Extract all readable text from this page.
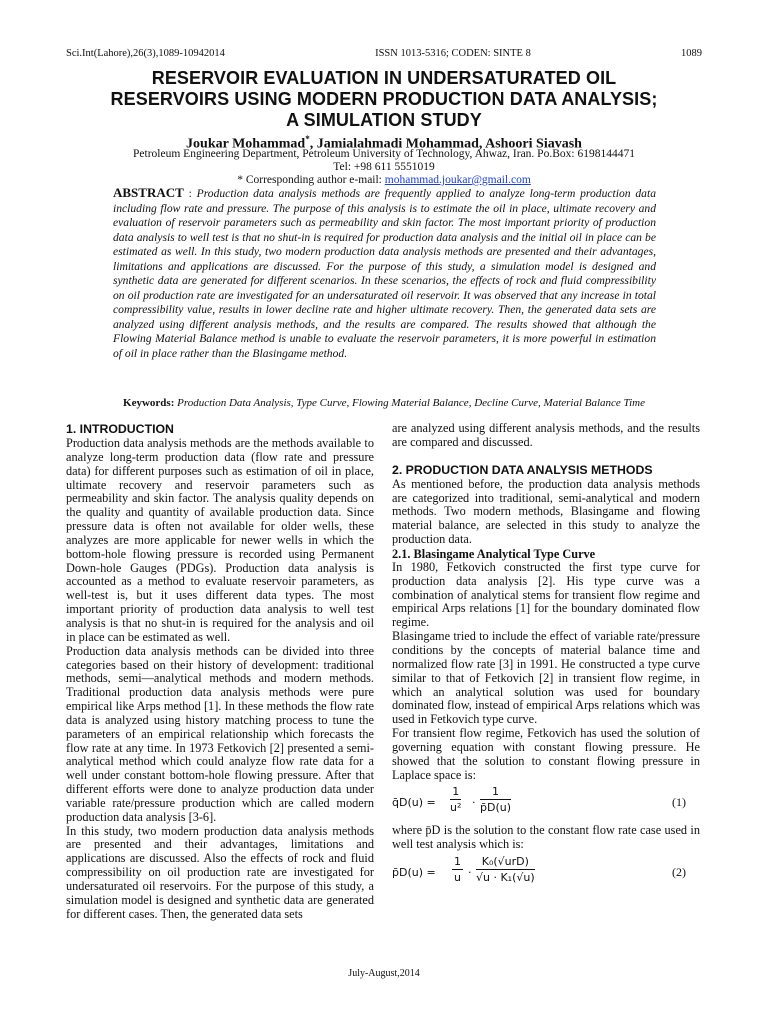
Sci.Int(Lahore),26(3),1089-10942014	ISSN 1013-5316; CODEN: SINTE 8	1089
RESERVOIR EVALUATION IN UNDERSATURATED OIL
RESERVOIRS USING MODERN PRODUCTION DATA ANALYSIS;
A SIMULATION STUDY
Joukar Mohammad*, Jamialahmadi Mohammad, Ashoori Siavash
Petroleum Engineering Department, Petroleum University of Technology, Ahwaz, Iran. Po.Box: 6198144471
Tel: +98 611 5551019
* Corresponding author e-mail: mohammad.joukar@gmail.com
ABSTRACT : Production data analysis methods are frequently applied to analyze long-term production data including flow rate and pressure. The purpose of this analysis is to estimate the oil in place, ultimate recovery and evaluation of reservoir parameters such as permeability and skin factor. The most important priority of production data analysis to well test is that no shut-in is required for production data analysis and the initial oil in place can be estimated as well. In this study, two modern production data analysis methods are presented and their advantages, limitations and applications are discussed. For the purpose of this study, a simulation model is designed and synthetic data are generated for different scenarios. In these scenarios, the effects of rock and fluid compressibility on oil production rate are investigated for an undersaturated oil reservoir. It was observed that any increase in total compressibility value, results in lower decline rate and higher ultimate recovery. Then, the generated data sets are analyzed using different analysis methods, and the results are compared. The results showed that although the Flowing Material Balance method is unable to evaluate the reservoir parameters, it is more powerful in estimation of oil in place rather than the Blasingame method.
Keywords: Production Data Analysis, Type Curve, Flowing Material Balance, Decline Curve, Material Balance Time

1. INTRODUCTION

Production data analysis methods are the methods available to analyze long-term production data (flow rate and pressure data) for different purposes such as estimation of oil in place, ultimate recovery and reservoir parameters such as permeability and skin factor. The analysis quality depends on the quality and quantity of available production data. Since pressure data is often not available for older wells, these analyzes are more applicable for newer wells in which the bottom-hole flowing pressure is recorded using Permanent Down-hole Gauges (PDGs). Production data analysis is accounted as a method to evaluate reservoir parameters, as well-test is, but it uses different data types. The most important priority of production data analysis to well test analysis is that no shut-in is required for the analysis and oil in place can be estimated as well.

Production data analysis methods can be divided into three categories based on their history of development: traditional methods, semi—analytical methods and modern methods. Traditional production data analysis methods were pure empirical like Arps method [1]. In these methods the flow rate data is analyzed using history matching process to tune the parameters of an empirical relationship which forecasts the flow rate at any time. In 1973 Fetkovich [2] presented a semi-analytical method which could analyze flow rate data for a well under constant bottom-hole flowing pressure. After that different efforts were done to analyze production data under variable rate/pressure production which are called modern production data analysis [3-6].

In this study, two modern production data analysis methods are presented and their advantages, limitations and applications are discussed. Also the effects of rock and fluid compressibility on oil production rate are investigated for undersaturated oil reservoirs. For the purpose of this study, a simulation model is designed and synthetic data are generated for different cases. Then, the generated data sets

are analyzed using different analysis methods, and the results are compared and discussed.

2. PRODUCTION DATA ANALYSIS METHODS

As mentioned before, the production data analysis methods are categorized into traditional, semi-analytical and modern methods. Two modern methods, Blasingame and flowing material balance, are selected in this study to analyze the production data.

2.1. Blasingame Analytical Type Curve

In 1980, Fetkovich constructed the first type curve for production data analysis [2]. His type curve was a combination of analytical stems for transient flow regime and empirical Arps relations [1] for the boundary dominated flow regime.

Blasingame tried to include the effect of variable rate/pressure conditions by the concepts of material balance time and normalized flow rate [3] in 1991. He constructed a type curve similar to that of Fetkovich [2] in transient flow regime, in which an analytical solution was used for boundary dominated flow, instead of empirical Arps relations which was used in Fetkovich type curve.

For transient flow regime, Fetkovich has used the solution of governing equation with constant flowing pressure. He showed that the solution to constant flowing pressure in Laplace space is:

q̄D(u) = $\frac{1}{\text{u²}} \cdot \frac{1}{p̄D(u)}$	(1)

where p̄D is the solution to the constant flow rate case used in well test analysis which is:

p̄D(u) = $\frac{1}{u}$ ·
K₀(√urD)
√u · K₁(√u)	(2)
July-August,2014
